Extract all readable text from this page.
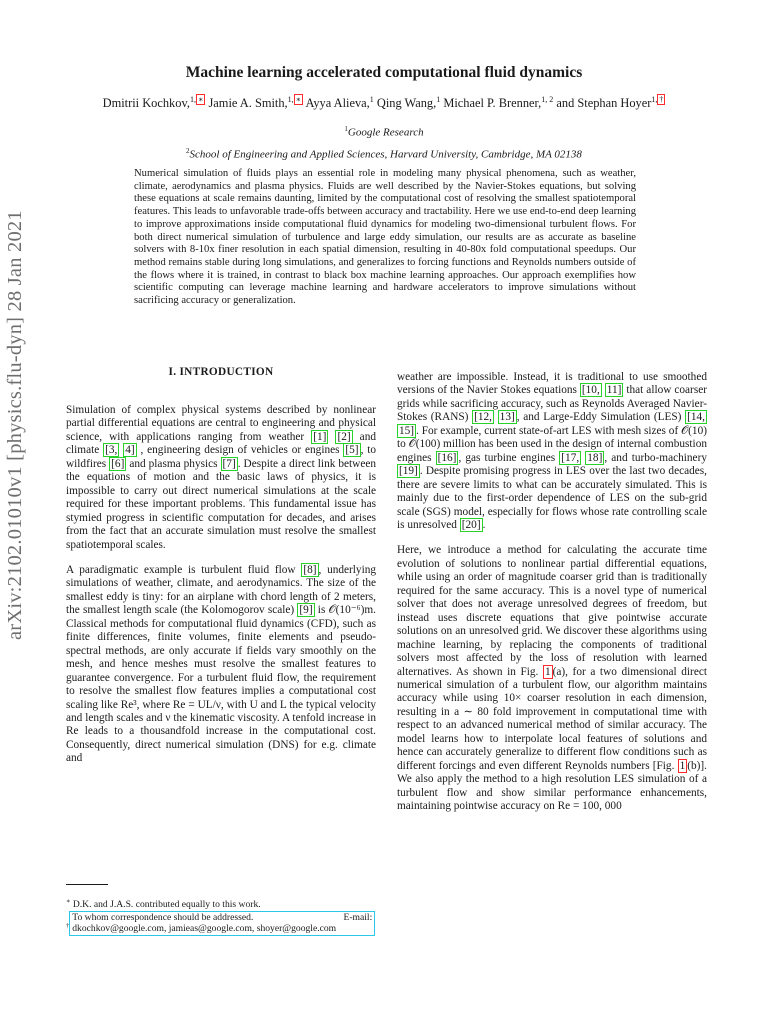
arXiv:2102.01010v1 [physics.flu-dyn] 28 Jan 2021
Machine learning accelerated computational fluid dynamics
Dmitrii Kochkov,$^{1,}$ ∗ Jamie A. Smith,$^{1,}$ ∗ Ayya Alieva,$^1$ Qing Wang,$^1$ Michael P. Brenner,$^{1, 2}$ and Stephan Hoyer$^{1,}$ †
$^1$Google Research
$^2$School of Engineering and Applied Sciences, Harvard University, Cambridge, MA 02138
Numerical simulation of fluids plays an essential role in modeling many physical phenomena, such as weather, climate, aerodynamics and plasma physics. Fluids are well described by the Navier-Stokes equations, but solving these equations at scale remains daunting, limited by the computational cost of resolving the smallest spatiotemporal features. This leads to unfavorable trade-offs between accuracy and tractability. Here we use end-to-end deep learning to improve approximations inside computational fluid dynamics for modeling two-dimensional turbulent flows. For both direct numerical simulation of turbulence and large eddy simulation, our results are as accurate as baseline solvers with 8-10x finer resolution in each spatial dimension, resulting in 40-80x fold computational speedups. Our method remains stable during long simulations, and generalizes to forcing functions and Reynolds numbers outside of the flows where it is trained, in contrast to black box machine learning approaches. Our approach exemplifies how scientific computing can leverage machine learning and hardware accelerators to improve simulations without sacrificing accuracy or generalization.
I. INTRODUCTION

Simulation of complex physical systems described by nonlinear partial differential equations are central to engineering and physical science, with applications ranging from weather [1] [2] and climate [3, 4] , engineering design of vehicles or engines [5] , to wildfires [6] and plasma physics [7] . Despite a direct link between the equations of motion and the basic laws of physics, it is impossible to carry out direct numerical simulations at the scale required for these important problems. This fundamental issue has stymied progress in scientific computation for decades, and arises from the fact that an accurate simulation must resolve the smallest spatiotemporal scales.

A paradigmatic example is turbulent fluid flow [8] , underlying simulations of weather, climate, and aerodynamics. The size of the smallest eddy is tiny: for an airplane with chord length of 2 meters, the smallest length scale (the Kolomogorov scale) [9] is 𝒪(10⁻⁶)m. Classical methods for computational fluid dynamics (CFD), such as finite differences, finite volumes, finite elements and pseudo-spectral methods, are only accurate if fields vary smoothly on the mesh, and hence meshes must resolve the smallest features to guarantee convergence. For a turbulent fluid flow, the requirement to resolve the smallest flow features implies a computational cost scaling like Re³, where Re = UL/ν, with U and L the typical velocity and length scales and ν the kinematic viscosity. A tenfold increase in Re leads to a thousandfold increase in the computational cost. Consequently, direct numerical simulation (DNS) for e.g. climate and

weather are impossible. Instead, it is traditional to use smoothed versions of the Navier Stokes equations [10, 11] that allow coarser grids while sacrificing accuracy, such as Reynolds Averaged Navier-Stokes (RANS) [12, 13] , and Large-Eddy Simulation (LES) [14, 15] . For example, current state-of-art LES with mesh sizes of 𝒪(10) to 𝒪(100) million has been used in the design of internal combustion engines [16] , gas turbine engines [17, 18] , and turbo-machinery [19] . Despite promising progress in LES over the last two decades, there are severe limits to what can be accurately simulated. This is mainly due to the first-order dependence of LES on the sub-grid scale (SGS) model, especially for flows whose rate controlling scale is unresolved [20] .

Here, we introduce a method for calculating the accurate time evolution of solutions to nonlinear partial differential equations, while using an order of magnitude coarser grid than is traditionally required for the same accuracy. This is a novel type of numerical solver that does not average unresolved degrees of freedom, but instead uses discrete equations that give pointwise accurate solutions on an unresolved grid. We discover these algorithms using machine learning, by replacing the components of traditional solvers most affected by the loss of resolution with learned alternatives. As shown in Fig. 1 (a), for a two dimensional direct numerical simulation of a turbulent flow, our algorithm maintains accuracy while using 10× coarser resolution in each dimension, resulting in a ∼ 80 fold improvement in computational time with respect to an advanced numerical method of similar accuracy. The model learns how to interpolate local features of solutions and hence can accurately generalize to different flow conditions such as different forcings and even different Reynolds numbers [Fig. 1 (b)]. We also apply the method to a high resolution LES simulation of a turbulent flow and show similar performance enhancements, maintaining pointwise accuracy on Re = 100, 000

∗ D.K. and J.A.S. contributed equally to this work.

†
To whom correspondence should be addressed.	E-mail:
dkochkov@google.com, jamieas@google.com, shoyer@google.com
